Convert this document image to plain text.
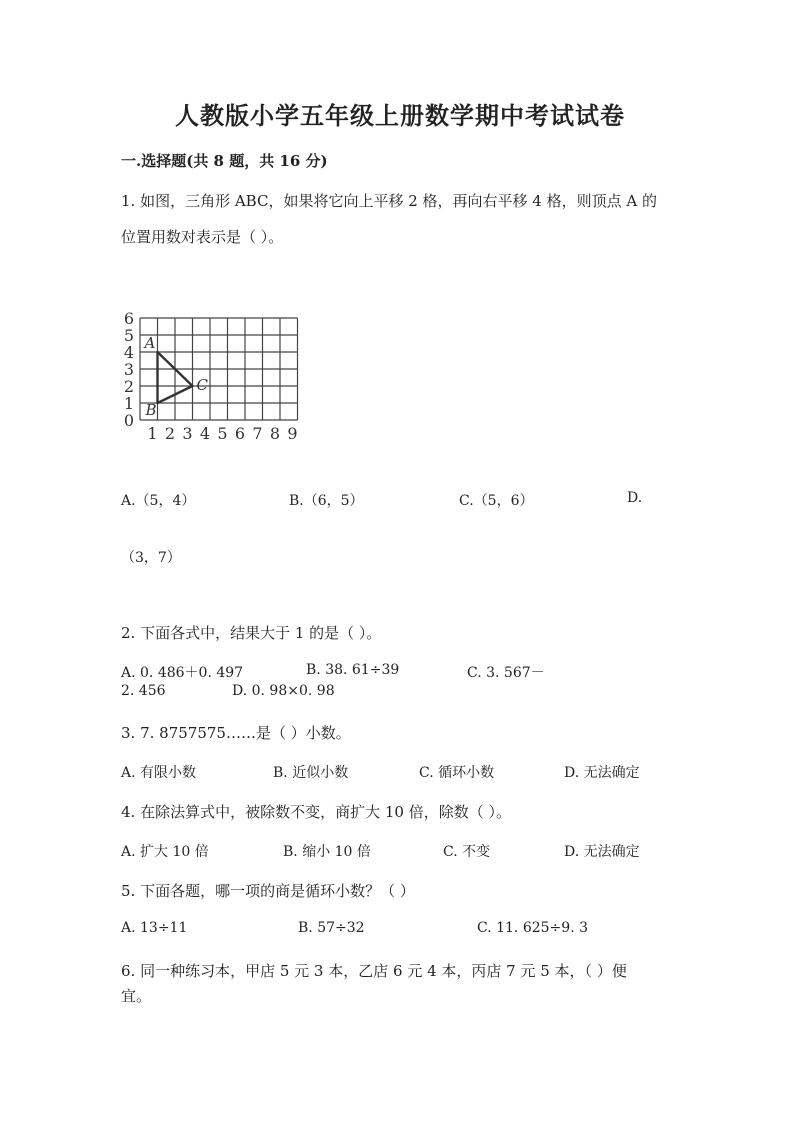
人教版小学五年级上册数学期中考试试卷
一.选择题(共 8 题，共 16 分)
1. 如图，三角形 ABC，如果将它向上平移 2 格，再向右平移 4 格，则顶点 A 的
位置用数对表示是（ ）。
0
1
2
3
4
5
6
1 2 3 4 5 6 7 8 9
A
B
C
A.（5，4）	B.（6，5）	C.（5，6）	D.
（3，7）
2. 下面各式中，结果大于 1 的是（ ）。
A. 0. 486＋0. 497	B. 38. 61÷39	C. 3. 567－
2. 456	D. 0. 98×0. 98
3. 7. 8757575……是（ ）小数。
A. 有限小数	B. 近似小数	C. 循环小数	D. 无法确定
4. 在除法算式中，被除数不变，商扩大 10 倍，除数（ ）。
A. 扩大 10 倍	B. 缩小 10 倍	C. 不变	D. 无法确定
5. 下面各题，哪一项的商是循环小数？（ ）
A. 13÷11	B. 57÷32	C. 11. 625÷9. 3
6. 同一种练习本，甲店 5 元 3 本，乙店 6 元 4 本，丙店 7 元 5 本，（ ）便
宜。
